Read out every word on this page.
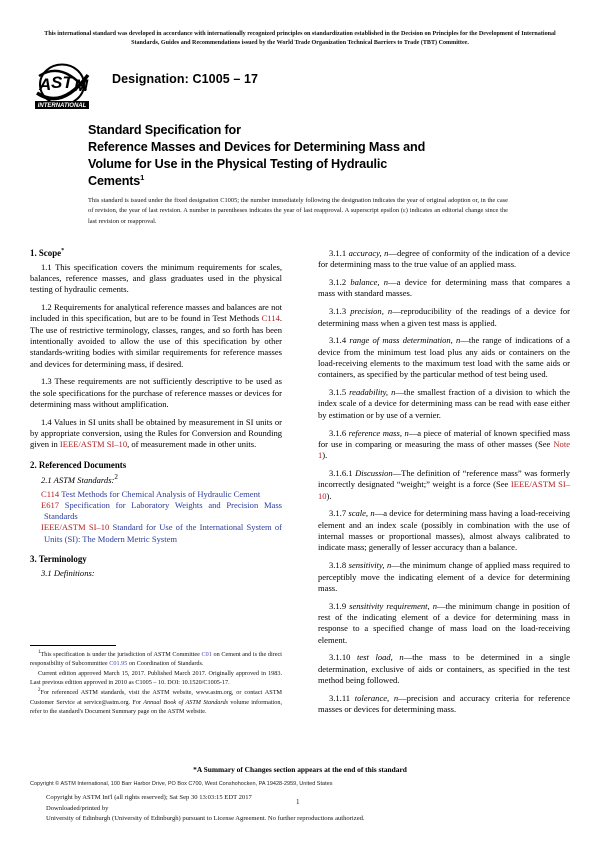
This international standard was developed in accordance with internationally recognized principles on standardization established in the Decision on Principles for the Development of International Standards, Guides and Recommendations issued by the World Trade Organization Technical Barriers to Trade (TBT) Committee.
A S T M
INTERNATIONAL
Designation: C1005 – 17
Standard Specification for
Reference Masses and Devices for Determining Mass and
Volume for Use in the Physical Testing of Hydraulic
Cements$^1$
This standard is issued under the fixed designation C1005; the number immediately following the designation indicates the year of original adoption or, in the case of revision, the year of last revision. A number in parentheses indicates the year of last reapproval. A superscript epsilon (ε) indicates an editorial change since the last revision or reapproval.
1. Scope*

1.1 This specification covers the minimum requirements for scales, balances, reference masses, and glass graduates used in the physical testing of hydraulic cements.

1.2 Requirements for analytical reference masses and balances are not included in this specification, but are to be found in Test Methods C114. The use of restrictive terminology, classes, ranges, and so forth has been intentionally avoided to allow the use of this specification by other standards-writing bodies with similar requirements for reference masses and devices for determining mass, if desired.

1.3 These requirements are not sufficiently descriptive to be used as the sole specifications for the purchase of reference masses or devices for determining mass without amplification.

1.4 Values in SI units shall be obtained by measurement in SI units or by appropriate conversion, using the Rules for Conversion and Rounding given in IEEE/ASTM SI–10, of measurement made in other units.

2. Referenced Documents

2.1 ASTM Standards:$^2$

C114 Test Methods for Chemical Analysis of Hydraulic Cement

E617 Specification for Laboratory Weights and Precision Mass Standards

IEEE/ASTM SI–10 Standard for Use of the International System of Units (SI): The Modern Metric System

3. Terminology

3.1 Definitions:

$^1$This specification is under the jurisdiction of ASTM Committee C01 on Cement and is the direct responsibility of Subcommittee C01.95 on Coordination of Standards.

Current edition approved March 15, 2017. Published March 2017. Originally approved in 1983. Last previous edition approved in 2010 as C1005 – 10. DOI: 10.1520/C1005-17.

$^2$For referenced ASTM standards, visit the ASTM website, www.astm.org, or contact ASTM Customer Service at service@astm.org. For Annual Book of ASTM Standards volume information, refer to the standard's Document Summary page on the ASTM website.

3.1.1 accuracy, n—degree of conformity of the indication of a device for determining mass to the true value of an applied mass.

3.1.2 balance, n—a device for determining mass that compares a mass with standard masses.

3.1.3 precision, n—reproducibility of the readings of a device for determining mass when a given test mass is applied.

3.1.4 range of mass determination, n—the range of indications of a device from the minimum test load plus any aids or containers on the load-receiving elements to the maximum test load with the same aids or containers, as specified by the particular method of test being used.

3.1.5 readability, n—the smallest fraction of a division to which the index scale of a device for determining mass can be read with ease either by estimation or by use of a vernier.

3.1.6 reference mass, n—a piece of material of known specified mass for use in comparing or measuring the mass of other masses (See Note 1).

3.1.6.1 Discussion—The definition of “reference mass” was formerly incorrectly designated “weight;” weight is a force (See IEEE/ASTM SI–10).

3.1.7 scale, n—a device for determining mass having a load-receiving element and an index scale (possibly in combination with the use of internal masses or proportional masses), almost always calibrated to indicate mass; generally of lesser accuracy than a balance.

3.1.8 sensitivity, n—the minimum change of applied mass required to perceptibly move the indicating element of a device for determining mass.

3.1.9 sensitivity requirement, n—the minimum change in position of rest of the indicating element of a device for determining mass in response to a specified change of mass load on the load-receiving element.

3.1.10 test load, n—the mass to be determined in a single determination, exclusive of aids or containers, as specified in the test method being followed.

3.1.11 tolerance, n—precision and accuracy criteria for reference masses or devices for determining mass.

*A Summary of Changes section appears at the end of this standard
Copyright © ASTM International, 100 Barr Harbor Drive, PO Box C700, West Conshohocken, PA 19428-2959, United States
Copyright by ASTM Int'l (all rights reserved); Sat Sep 30 13:03:15 EDT 2017
Downloaded/printed by
University of Edinburgh (University of Edinburgh) pursuant to License Agreement. No further reproductions authorized.
1
